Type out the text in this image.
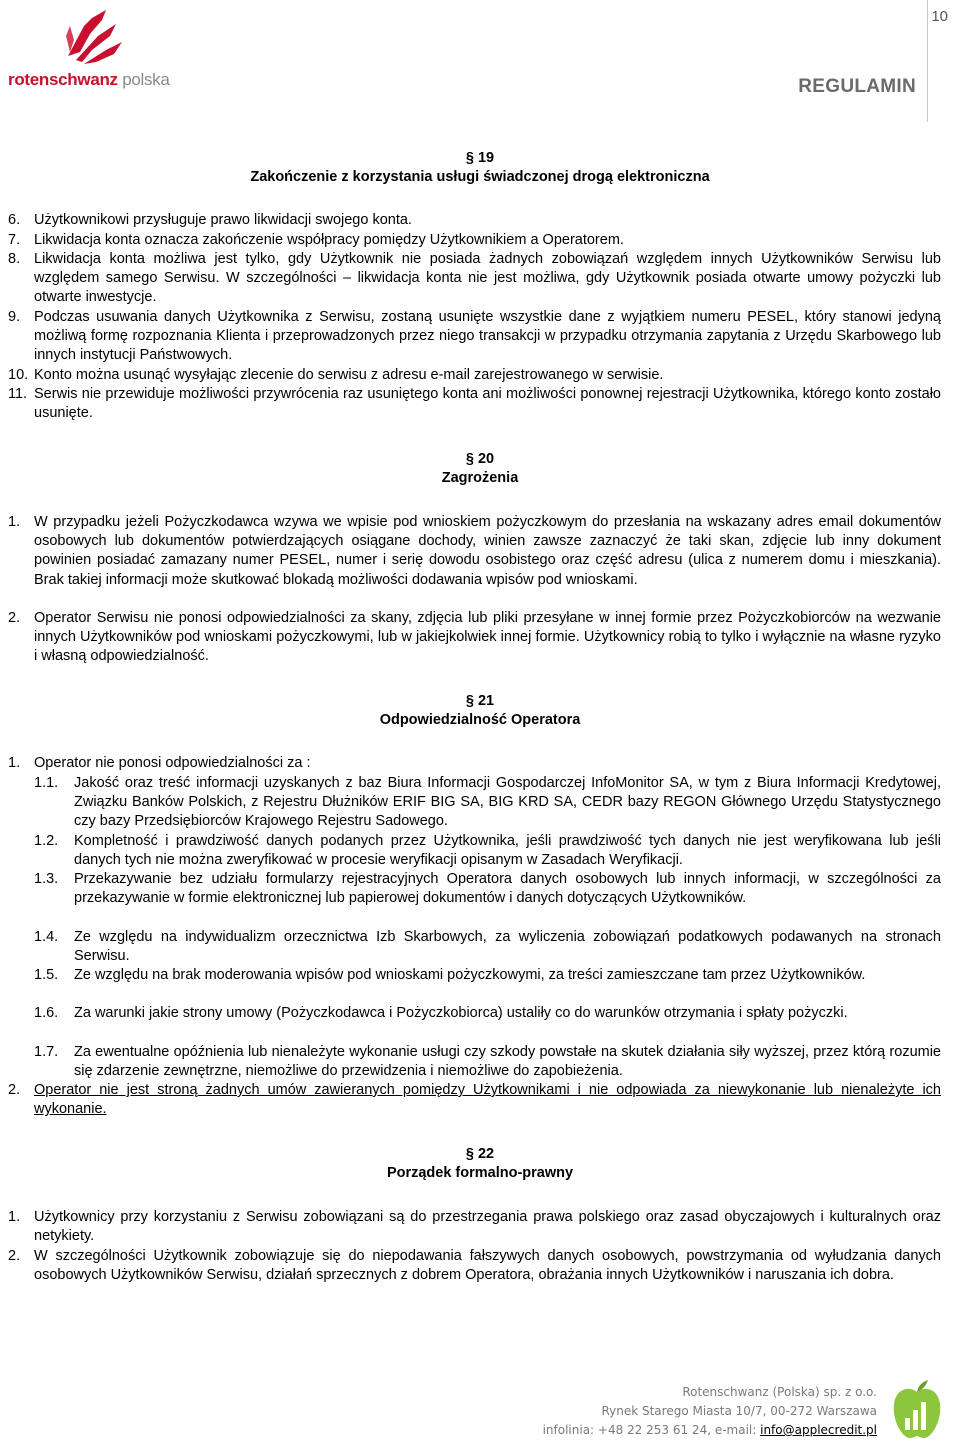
10
REGULAMIN
rotenschwanz polska
§ 19
Zakończenie z korzystania usługi świadczonej drogą elektroniczna
6. Użytkownikowi przysługuje prawo likwidacji swojego konta.
7. Likwidacja konta oznacza zakończenie współpracy pomiędzy Użytkownikiem a Operatorem.
8. Likwidacja konta możliwa jest tylko, gdy Użytkownik nie posiada żadnych zobowiązań względem innych Użytkowników Serwisu lub względem samego Serwisu. W szczególności – likwidacja konta nie jest możliwa, gdy Użytkownik posiada otwarte umowy pożyczki lub otwarte inwestycje.
9. Podczas usuwania danych Użytkownika z Serwisu, zostaną usunięte wszystkie dane z wyjątkiem numeru PESEL, który stanowi jedyną możliwą formę rozpoznania Klienta i przeprowadzonych przez niego transakcji w przypadku otrzymania zapytania z Urzędu Skarbowego lub innych instytucji Państwowych.
10. Konto można usunąć wysyłając zlecenie do serwisu z adresu e-mail zarejestrowanego w serwisie.
11. Serwis nie przewiduje możliwości przywrócenia raz usuniętego konta ani możliwości ponownej rejestracji Użytkownika, którego konto zostało usunięte.
§ 20
Zagrożenia
1. W przypadku jeżeli Pożyczkodawca wzywa we wpisie pod wnioskiem pożyczkowym do przesłania na wskazany adres email dokumentów osobowych lub dokumentów potwierdzających osiągane dochody, winien zawsze zaznaczyć że taki skan, zdjęcie lub inny dokument powinien posiadać zamazany numer PESEL, numer i serię dowodu osobistego oraz część adresu (ulica z numerem domu i mieszkania). Brak takiej informacji może skutkować blokadą możliwości dodawania wpisów pod wnioskami.
2. Operator Serwisu nie ponosi odpowiedzialności za skany, zdjęcia lub pliki przesyłane w innej formie przez Pożyczkobiorców na wezwanie innych Użytkowników pod wnioskami pożyczkowymi, lub w jakiejkolwiek innej formie. Użytkownicy robią to tylko i wyłącznie na własne ryzyko i własną odpowiedzialność.
§ 21
Odpowiedzialność Operatora
1. Operator nie ponosi odpowiedzialności za :
1.1. Jakość oraz treść informacji uzyskanych z baz Biura Informacji Gospodarczej InfoMonitor SA, w tym z Biura Informacji Kredytowej, Związku Banków Polskich, z Rejestru Dłużników ERIF BIG SA, BIG KRD SA, CEDR bazy REGON Głównego Urzędu Statystycznego czy bazy Przedsiębiorców Krajowego Rejestru Sadowego.
1.2. Kompletność i prawdziwość danych podanych przez Użytkownika, jeśli prawdziwość tych danych nie jest weryfikowana lub jeśli danych tych nie można zweryfikować w procesie weryfikacji opisanym w Zasadach Weryfikacji.
1.3. Przekazywanie bez udziału formularzy rejestracyjnych Operatora danych osobowych lub innych informacji, w szczególności za przekazywanie w formie elektronicznej lub papierowej dokumentów i danych dotyczących Użytkowników.
1.4. Ze względu na indywidualizm orzecznictwa Izb Skarbowych, za wyliczenia zobowiązań podatkowych podawanych na stronach Serwisu.
1.5. Ze względu na brak moderowania wpisów pod wnioskami pożyczkowymi, za treści zamieszczane tam przez Użytkowników.
1.6. Za warunki jakie strony umowy (Pożyczkodawca i Pożyczkobiorca) ustaliły co do warunków otrzymania i spłaty pożyczki.
1.7. Za ewentualne opóźnienia lub nienależyte wykonanie usługi czy szkody powstałe na skutek działania siły wyższej, przez którą rozumie się zdarzenie zewnętrzne, niemożliwe do przewidzenia i niemożliwe do zapobieżenia.
2. Operator nie jest stroną żadnych umów zawieranych pomiędzy Użytkownikami i nie odpowiada za niewykonanie lub nienależyte ich wykonanie.
§ 22
Porządek formalno-prawny
1. Użytkownicy przy korzystaniu z Serwisu zobowiązani są do przestrzegania prawa polskiego oraz zasad obyczajowych i kulturalnych oraz netykiety.
2. W szczególności Użytkownik zobowiązuje się do niepodawania fałszywych danych osobowych, powstrzymania od wyłudzania danych osobowych Użytkowników Serwisu, działań sprzecznych z dobrem Operatora, obrażania innych Użytkowników i naruszania ich dobra.
Rotenschwanz (Polska) sp. z o.o.
Rynek Starego Miasta 10/7, 00-272 Warszawa
infolinia: +48 22 253 61 24, e-mail: info@applecredit.pl
